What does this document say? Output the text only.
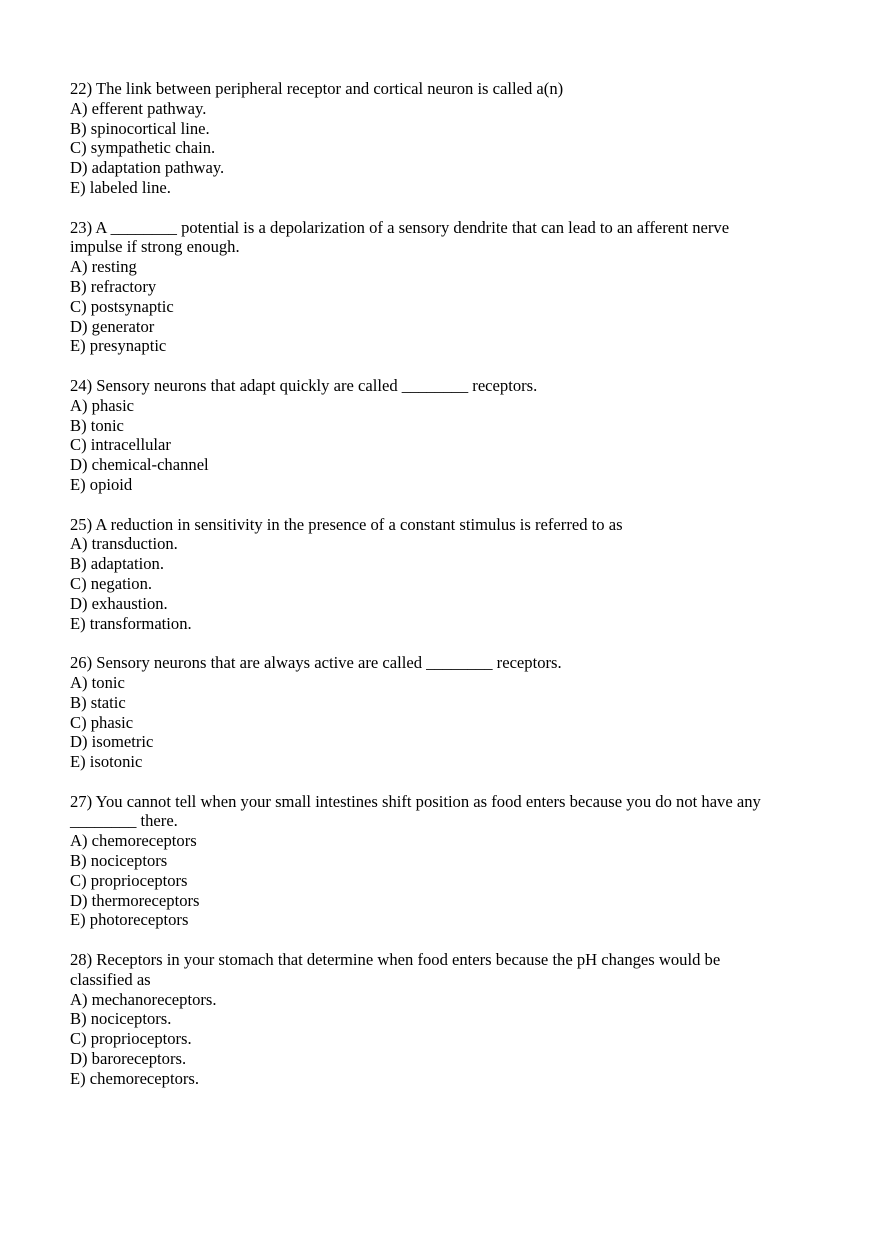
22) The link between peripheral receptor and cortical neuron is called a(n)
A) efferent pathway.
B) spinocortical line.
C) sympathetic chain.
D) adaptation pathway.
E) labeled line.
23) A ________ potential is a depolarization of a sensory dendrite that can lead to an afferent nerve
impulse if strong enough.
A) resting
B) refractory
C) postsynaptic
D) generator
E) presynaptic
24) Sensory neurons that adapt quickly are called ________ receptors.
A) phasic
B) tonic
C) intracellular
D) chemical-channel
E) opioid
25) A reduction in sensitivity in the presence of a constant stimulus is referred to as
A) transduction.
B) adaptation.
C) negation.
D) exhaustion.
E) transformation.
26) Sensory neurons that are always active are called ________ receptors.
A) tonic
B) static
C) phasic
D) isometric
E) isotonic
27) You cannot tell when your small intestines shift position as food enters because you do not have any
________ there.
A) chemoreceptors
B) nociceptors
C) proprioceptors
D) thermoreceptors
E) photoreceptors
28) Receptors in your stomach that determine when food enters because the pH changes would be
classified as
A) mechanoreceptors.
B) nociceptors.
C) proprioceptors.
D) baroreceptors.
E) chemoreceptors.
